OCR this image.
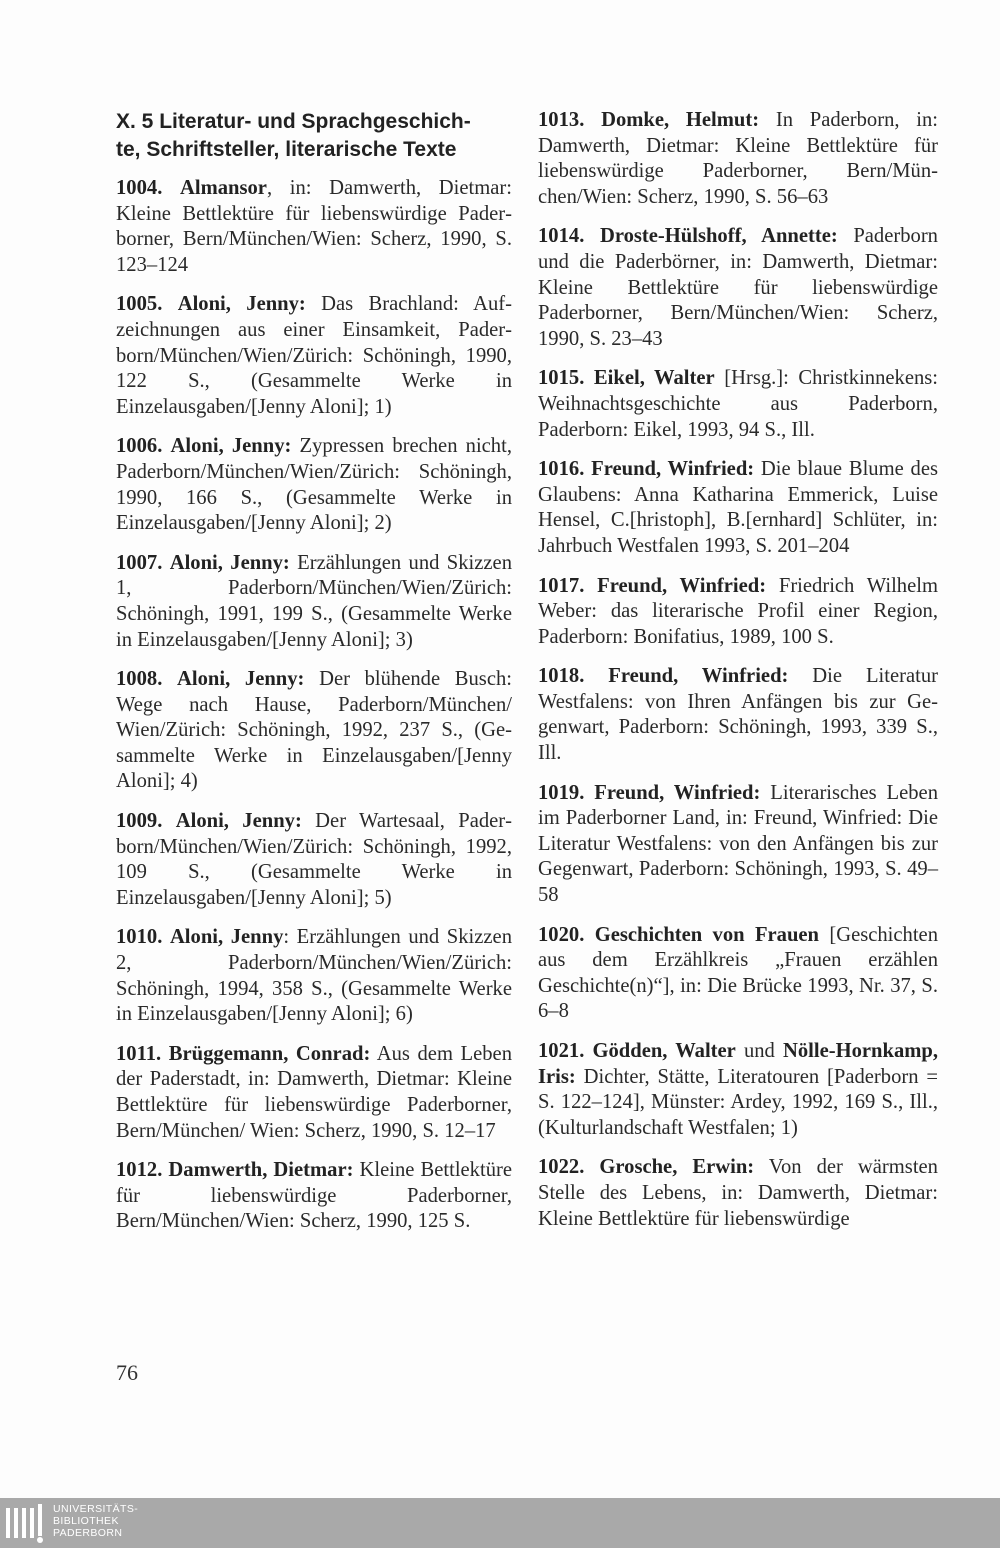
X. 5 Literatur- und Sprachgeschich-
te, Schriftsteller, literarische Texte

1004. Almansor, in: Damwerth, Dietmar: Kleine Bettlektüre für liebenswürdige Paderborner, Bern/München/Wien: Scherz, 1990, S. 123–124

1005. Aloni, Jenny: Das Brachland: Aufzeichnungen aus einer Einsamkeit, Paderborn/München/Wien/Zürich: Schöningh, 1990, 122 S., (Gesammelte Werke in Einzelausgaben/[Jenny Aloni]; 1)

1006. Aloni, Jenny: Zypressen brechen nicht, Paderborn/München/Wien/Zürich: Schöningh, 1990, 166 S., (Gesammelte Werke in Einzelausgaben/[Jenny Aloni]; 2)

1007. Aloni, Jenny: Erzählungen und Skizzen 1, Paderborn/München/Wien/Zürich: Schöningh, 1991, 199 S., (Gesammelte Werke in Einzelausgaben/[Jenny Aloni]; 3)

1008. Aloni, Jenny: Der blühende Busch: Wege nach Hause, Paderborn/München/ Wien/Zürich: Schöningh, 1992, 237 S., (Gesammelte Werke in Einzelausgaben/[Jenny Aloni]; 4)

1009. Aloni, Jenny: Der Wartesaal, Paderborn/München/Wien/Zürich: Schöningh, 1992, 109 S., (Gesammelte Werke in Einzelausgaben/[Jenny Aloni]; 5)

1010. Aloni, Jenny: Erzählungen und Skizzen 2, Paderborn/München/Wien/Zürich: Schöningh, 1994, 358 S., (Gesammelte Werke in Einzelausgaben/[Jenny Aloni]; 6)

1011. Brüggemann, Conrad: Aus dem Leben der Paderstadt, in: Damwerth, Dietmar: Kleine Bettlektüre für liebenswürdige Paderborner, Bern/München/ Wien: Scherz, 1990, S. 12–17

1012. Damwerth, Dietmar: Kleine Bettlektüre für liebenswürdige Paderborner, Bern/München/Wien: Scherz, 1990, 125 S.

1013. Domke, Helmut: In Paderborn, in: Damwerth, Dietmar: Kleine Bettlektüre für liebenswürdige Paderborner, Bern/München/Wien: Scherz, 1990, S. 56–63

1014. Droste-Hülshoff, Annette: Paderborn und die Paderbörner, in: Damwerth, Dietmar: Kleine Bettlektüre für liebenswürdige Paderborner, Bern/München/Wien: Scherz, 1990, S. 23–43

1015. Eikel, Walter [Hrsg.]: Christkinnekens: Weihnachtsgeschichte aus Paderborn, Paderborn: Eikel, 1993, 94 S., Ill.

1016. Freund, Winfried: Die blaue Blume des Glaubens: Anna Katharina Emmerick, Luise Hensel, C.[hristoph], B.[ernhard] Schlüter, in: Jahrbuch Westfalen 1993, S. 201–204

1017. Freund, Winfried: Friedrich Wilhelm Weber: das literarische Profil einer Region, Paderborn: Bonifatius, 1989, 100 S.

1018. Freund, Winfried: Die Literatur Westfalens: von Ihren Anfängen bis zur Gegenwart, Paderborn: Schöningh, 1993, 339 S., Ill.

1019. Freund, Winfried: Literarisches Leben im Paderborner Land, in: Freund, Winfried: Die Literatur Westfalens: von den Anfängen bis zur Gegenwart, Paderborn: Schöningh, 1993, S. 49–58

1020. Geschichten von Frauen [Geschichten aus dem Erzählkreis „Frauen erzählen Geschichte(n)“], in: Die Brücke 1993, Nr. 37, S. 6–8

1021. Gödden, Walter und Nölle-Hornkamp, Iris: Dichter, Stätte, Literatouren [Paderborn = S. 122–124], Münster: Ardey, 1992, 169 S., Ill., (Kulturlandschaft Westfalen; 1)

1022. Grosche, Erwin: Von der wärmsten Stelle des Lebens, in: Damwerth, Dietmar: Kleine Bettlektüre für liebenswürdige

76
UNIVERSITÄTS-
BIBLIOTHEK
PADERBORN
